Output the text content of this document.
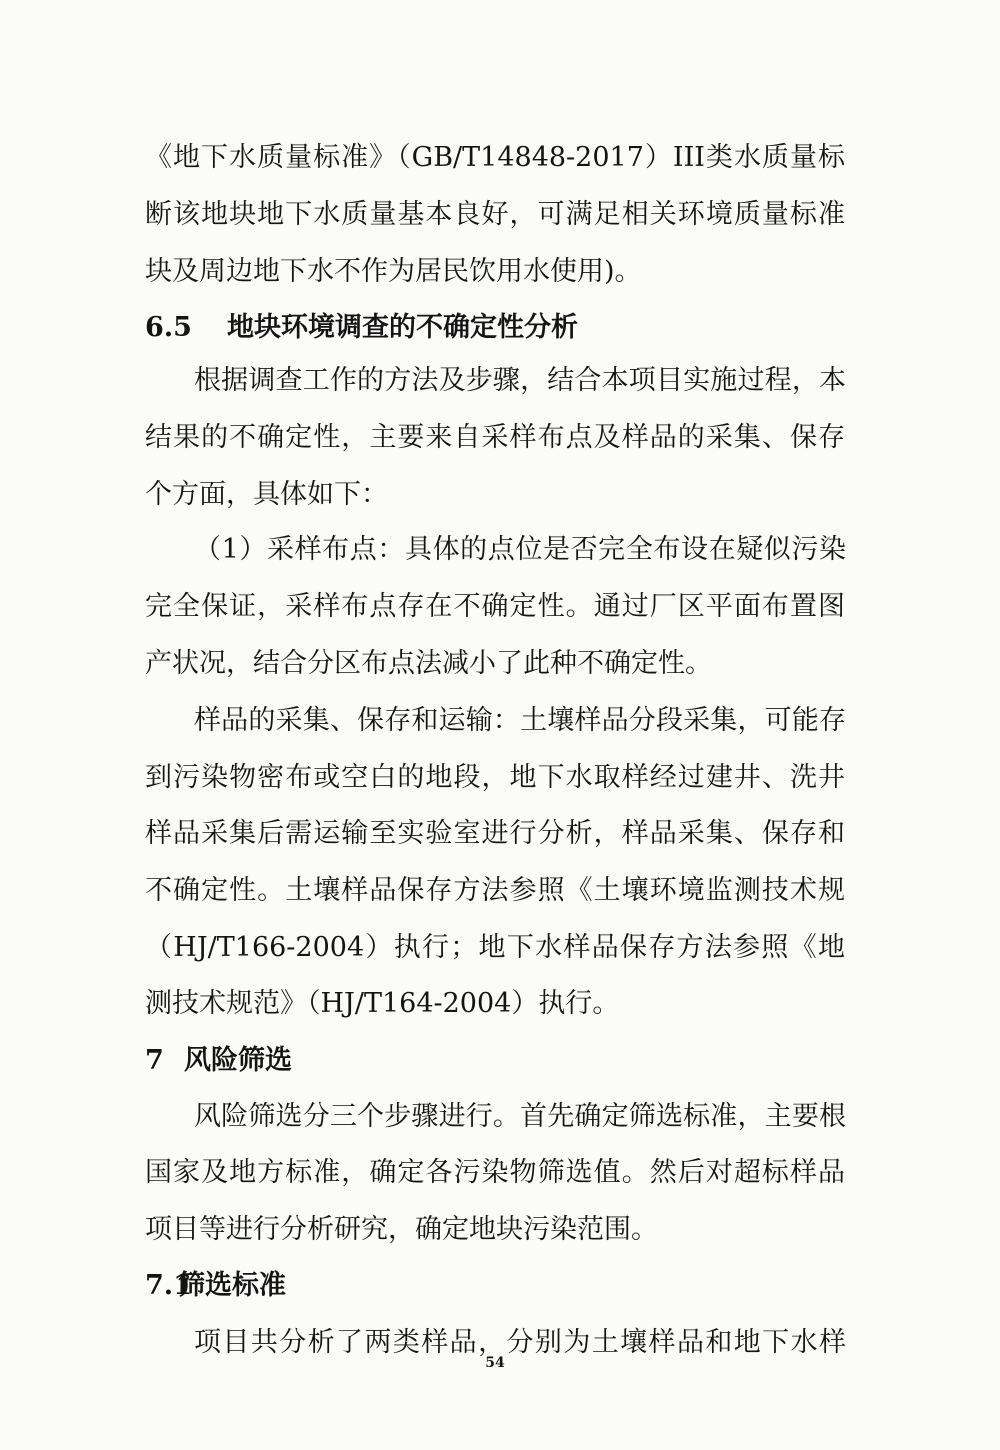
《地下水质量标准》（GB/T14848-2017）III类水质量标
断该地块地下水质量基本良好，可满足相关环境质量标准
块及周边地下水不作为居民饮用水使用)。
6.5 地块环境调查的不确定性分析
根据调查工作的方法及步骤，结合本项目实施过程，本
结果的不确定性，主要来自采样布点及样品的采集、保存
个方面，具体如下：
（1）采样布点：具体的点位是否完全布设在疑似污染
完全保证，采样布点存在不确定性。通过厂区平面布置图
产状况，结合分区布点法减小了此种不确定性。
样品的采集、保存和运输：土壤样品分段采集，可能存
到污染物密布或空白的地段，地下水取样经过建井、洗井
样品采集后需运输至实验室进行分析，样品采集、保存和
不确定性。土壤样品保存方法参照《土壤环境监测技术规
（HJ/T166-2004）执行；地下水样品保存方法参照《地
测技术规范》（HJ/T164-2004）执行。
7 风险筛选
风险筛选分三个步骤进行。首先确定筛选标准，主要根
国家及地方标准，确定各污染物筛选值。然后对超标样品
项目等进行分析研究，确定地块污染范围。
7.1
筛选标准
项目共分析了两类样品，分别为土壤样品和地下水样
54
